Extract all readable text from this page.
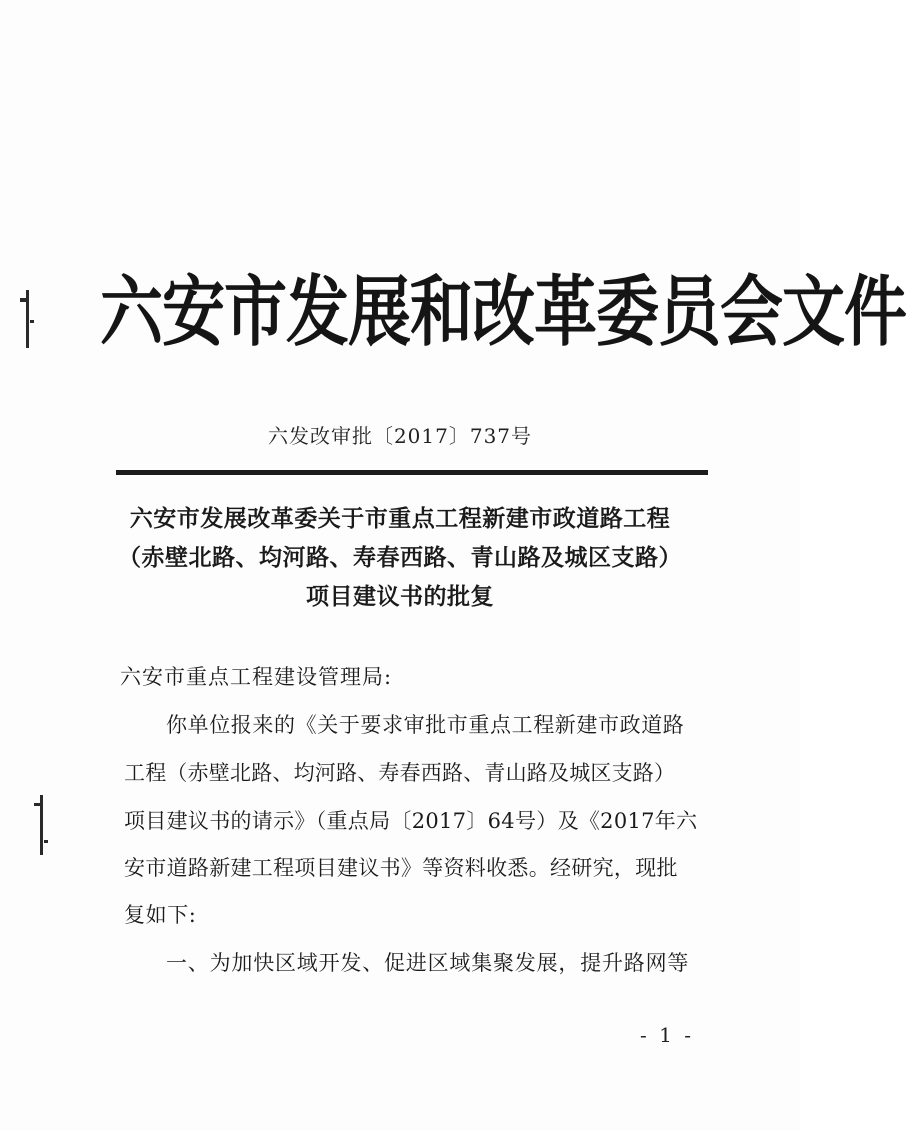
六安市发展和改革委员会文件
六发改审批〔2017〕737号
六安市发展改革委关于市重点工程新建市政道路工程
（赤壁北路、均河路、寿春西路、青山路及城区支路）
项目建议书的批复
六安市重点工程建设管理局:
你单位报来的《关于要求审批市重点工程新建市政道路
工程（赤壁北路、均河路、寿春西路、青山路及城区支路）
项目建议书的请示》（重点局〔2017〕64号）及《2017年六
安市道路新建工程项目建议书》等资料收悉。经研究，现批
复如下:
一、为加快区域开发、促进区域集聚发展，提升路网等
- 1 -
